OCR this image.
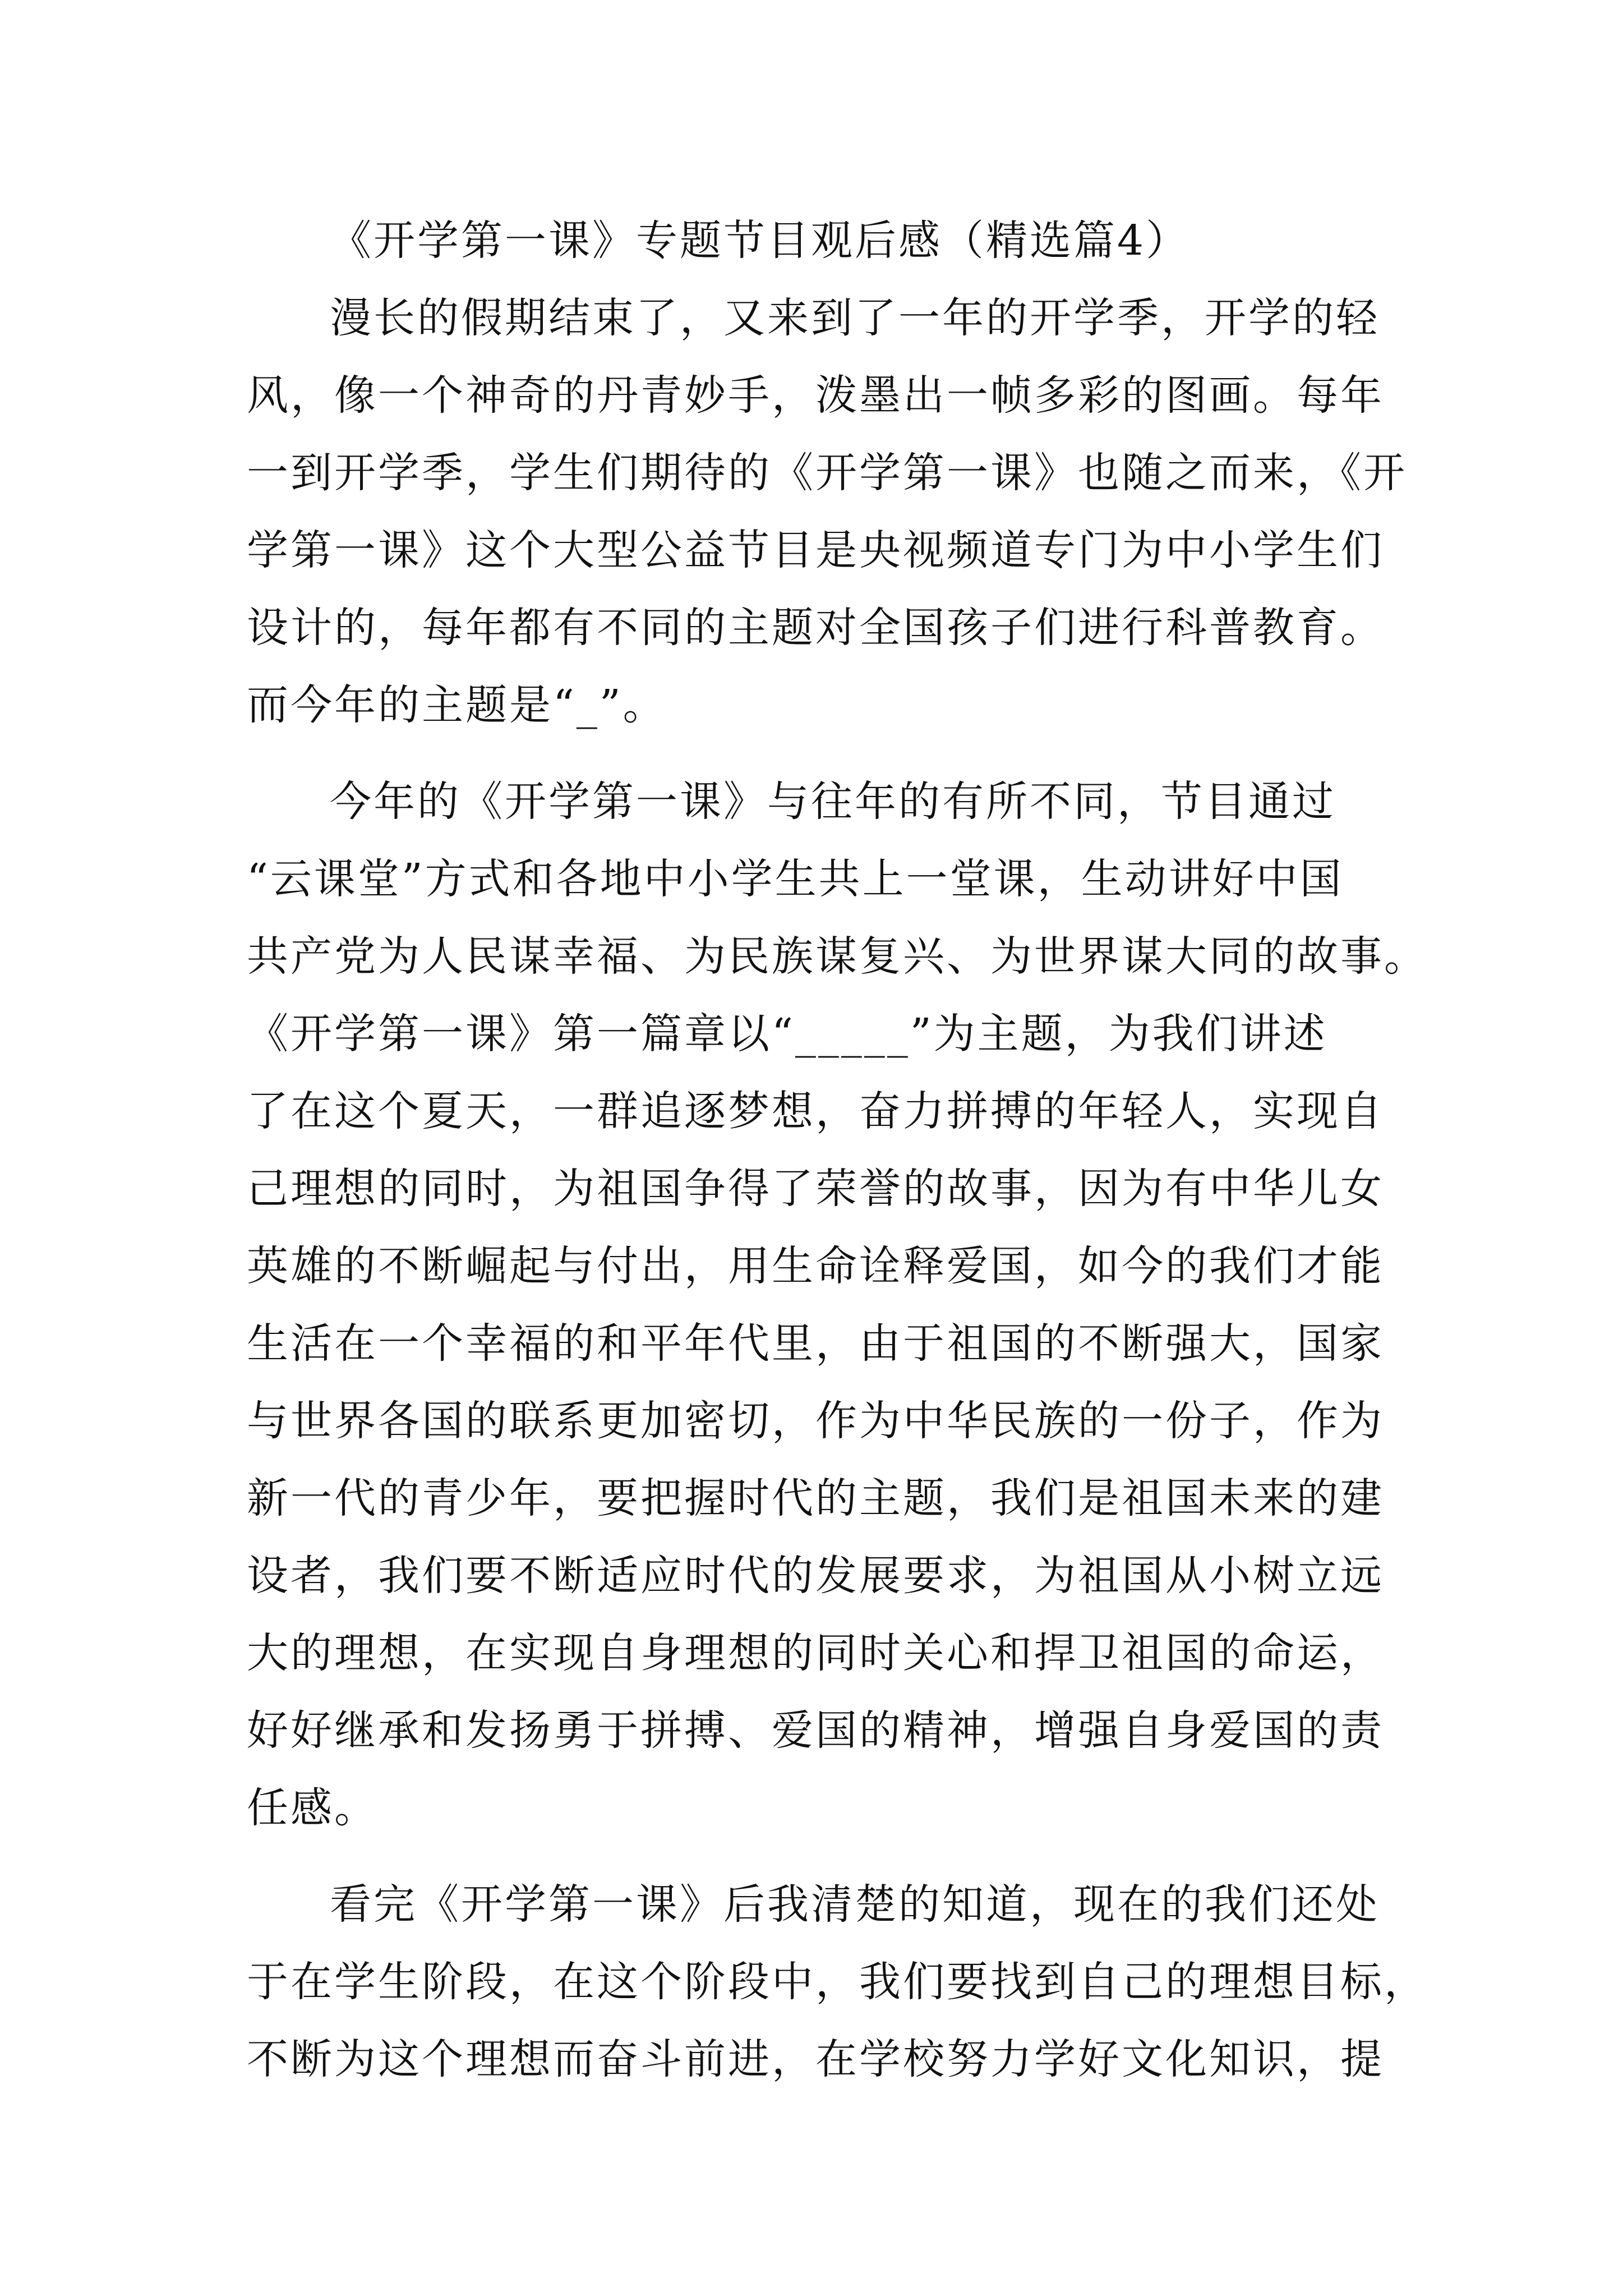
《开学第一课》专题节目观后感（精选篇4）
漫长的假期结束了，又来到了一年的开学季，开学的轻
风，像一个神奇的丹青妙手，泼墨出一帧多彩的图画。每年
一到开学季，学生们期待的《开学第一课》也随之而来，《开
学第一课》这个大型公益节目是央视频道专门为中小学生们
设计的，每年都有不同的主题对全国孩子们进行科普教育。
而今年的主题是“_”。
今年的《开学第一课》与往年的有所不同，节目通过
“云课堂”方式和各地中小学生共上一堂课，生动讲好中国
共产党为人民谋幸福、为民族谋复兴、为世界谋大同的故事。
《开学第一课》第一篇章以“_____”为主题，为我们讲述
了在这个夏天，一群追逐梦想，奋力拼搏的年轻人，实现自
己理想的同时，为祖国争得了荣誉的故事，因为有中华儿女
英雄的不断崛起与付出，用生命诠释爱国，如今的我们才能
生活在一个幸福的和平年代里，由于祖国的不断强大，国家
与世界各国的联系更加密切，作为中华民族的一份子，作为
新一代的青少年，要把握时代的主题，我们是祖国未来的建
设者，我们要不断适应时代的发展要求，为祖国从小树立远
大的理想，在实现自身理想的同时关心和捍卫祖国的命运，
好好继承和发扬勇于拼搏、爱国的精神，增强自身爱国的责
任感。
看完《开学第一课》后我清楚的知道，现在的我们还处
于在学生阶段，在这个阶段中，我们要找到自己的理想目标，
不断为这个理想而奋斗前进，在学校努力学好文化知识，提
